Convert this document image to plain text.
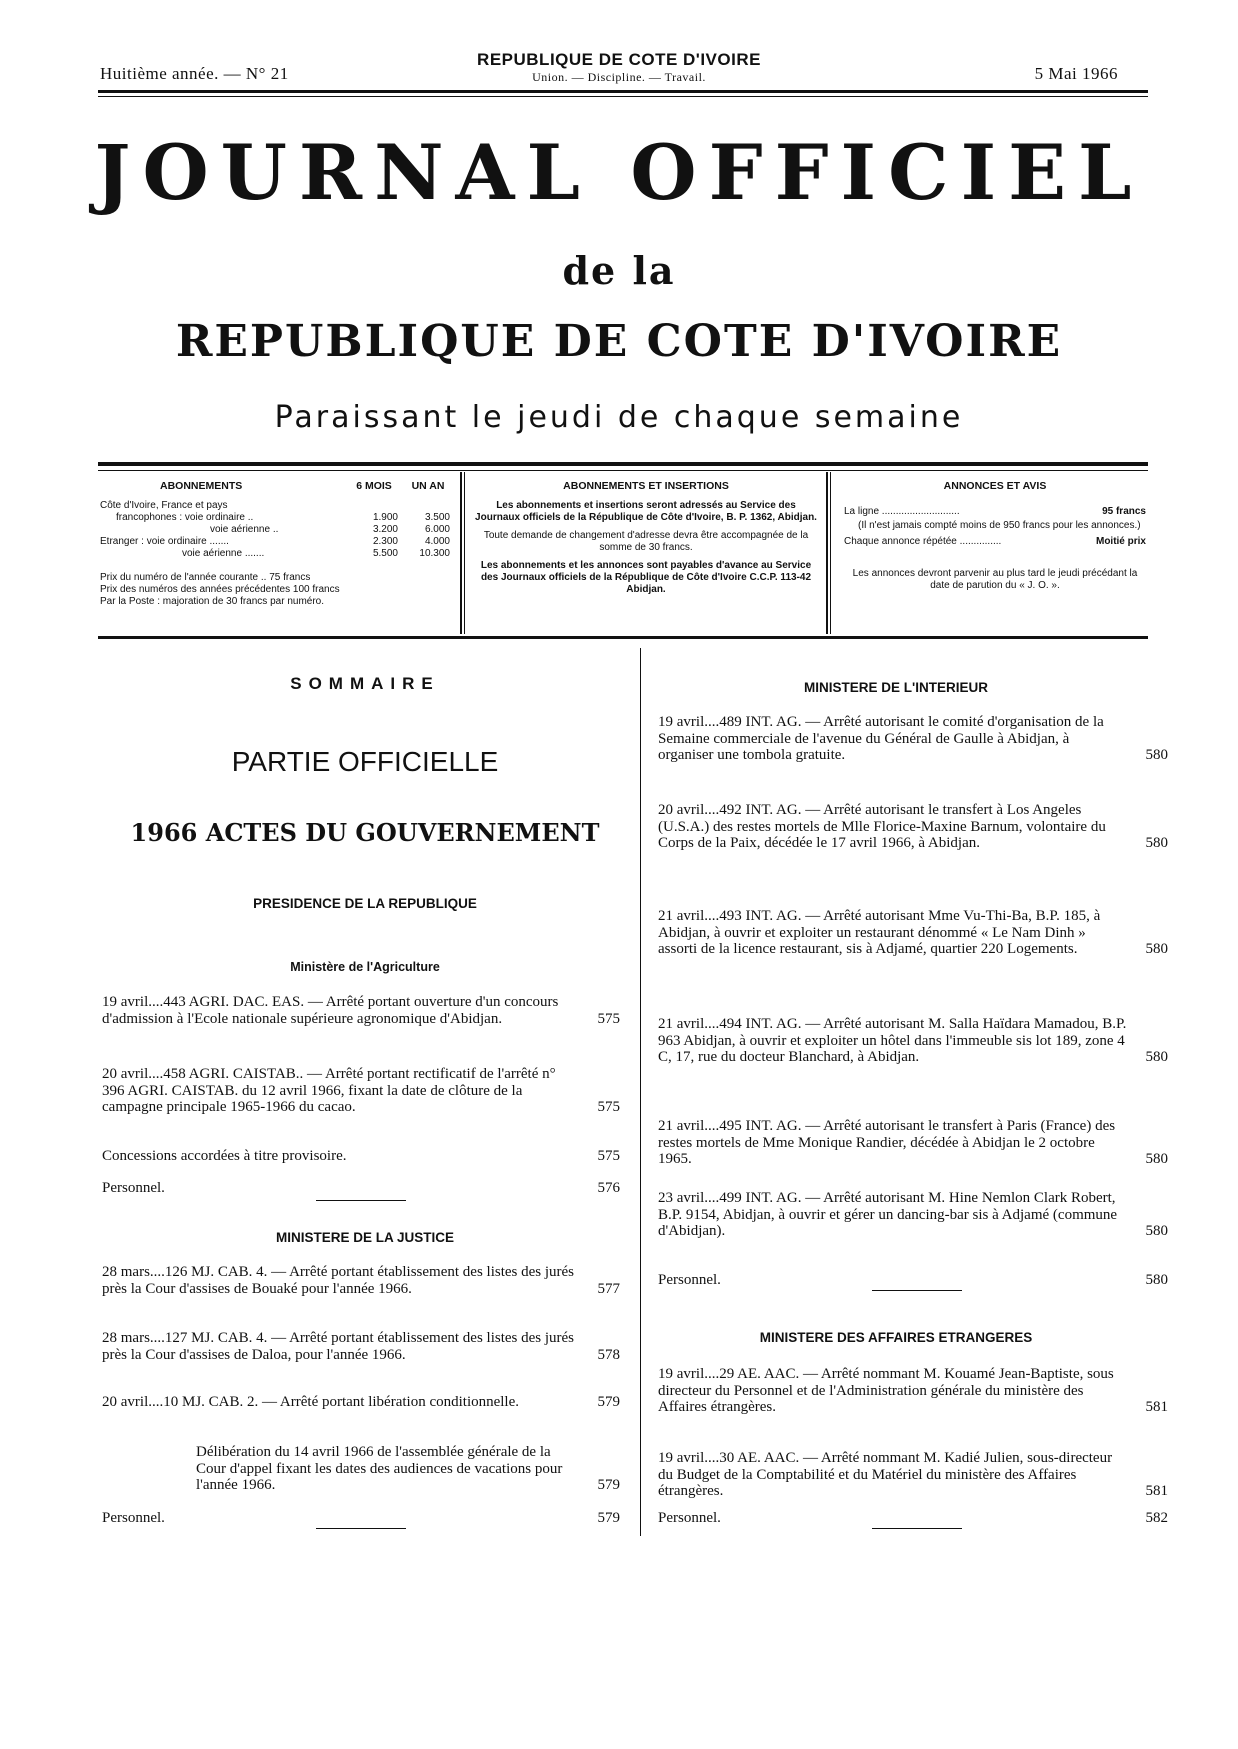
Huitième année. — N° 21
REPUBLIQUE DE COTE D'IVOIRE
Union. — Discipline. — Travail.	5 Mai 1966
JOURNAL OFFICIEL
de la
REPUBLIQUE DE COTE D'IVOIRE
Paraissant le jeudi de chaque semaine
ABONNEMENTS	6 MOIS	UN AN
Côte d'Ivoire, France et pays
francophones : voie ordinaire ..	1.900	3.500
voie aérienne ..	3.200	6.000
Etranger : voie ordinaire .......	2.300	4.000
voie aérienne .......	5.500	10.300
Prix du numéro de l'année courante .. 75 francs
Prix des numéros des années précédentes 100 francs
Par la Poste : majoration de 30 francs par numéro.
ABONNEMENTS ET INSERTIONS
Les abonnements et insertions seront adressés au Service des Journaux officiels de la République de Côte d'Ivoire, B. P. 1362, Abidjan.
Toute demande de changement d'adresse devra être accompagnée de la somme de 30 francs.
Les abonnements et les annonces sont payables d'avance au Service des Journaux officiels de la République de Côte d'Ivoire C.C.P. 113-42 Abidjan.
ANNONCES ET AVIS
La ligne ............................	95 francs
(Il n'est jamais compté moins de 950 francs pour les annonces.)
Chaque annonce répétée ...............	Moitié prix
Les annonces devront parvenir au plus tard le jeudi précédant la date de parution du « J. O. ».
SOMMAIRE
PARTIE OFFICIELLE
1966 ACTES DU GOUVERNEMENT
PRESIDENCE DE LA REPUBLIQUE
Ministère de l'Agriculture
19 avril....443 AGRI. DAC. EAS. — Arrêté portant ouverture d'un concours d'admission à l'Ecole nationale supérieure agronomique d'Abidjan.	575
20 avril....458 AGRI. CAISTAB.. — Arrêté portant rectificatif de l'arrêté n° 396 AGRI. CAISTAB. du 12 avril 1966, fixant la date de clôture de la campagne principale 1965-1966 du cacao.	575
Concessions accordées à titre provisoire.	575
Personnel.	576
MINISTERE DE LA JUSTICE
28 mars....126 MJ. CAB. 4. — Arrêté portant établissement des listes des jurés près la Cour d'assises de Bouaké pour l'année 1966.	577
28 mars....127 MJ. CAB. 4. — Arrêté portant établissement des listes des jurés près la Cour d'assises de Daloa, pour l'année 1966.	578
20 avril....10 MJ. CAB. 2. — Arrêté portant libération conditionnelle.	579
Délibération du 14 avril 1966 de l'assemblée générale de la Cour d'appel fixant les dates des audiences de vacations pour l'année 1966.	579
Personnel.	579
MINISTERE DE L'INTERIEUR
19 avril....489 INT. AG. — Arrêté autorisant le comité d'organisation de la Semaine commerciale de l'avenue du Général de Gaulle à Abidjan, à organiser une tombola gratuite.	580
20 avril....492 INT. AG. — Arrêté autorisant le transfert à Los Angeles (U.S.A.) des restes mortels de Mlle Florice-Maxine Barnum, volontaire du Corps de la Paix, décédée le 17 avril 1966, à Abidjan.	580
21 avril....493 INT. AG. — Arrêté autorisant Mme Vu-Thi-Ba, B.P. 185, à Abidjan, à ouvrir et exploiter un restaurant dénommé « Le Nam Dinh » assorti de la licence restaurant, sis à Adjamé, quartier 220 Logements.	580
21 avril....494 INT. AG. — Arrêté autorisant M. Salla Haïdara Mamadou, B.P. 963 Abidjan, à ouvrir et exploiter un hôtel dans l'immeuble sis lot 189, zone 4 C, 17, rue du docteur Blanchard, à Abidjan.	580
21 avril....495 INT. AG. — Arrêté autorisant le transfert à Paris (France) des restes mortels de Mme Monique Randier, décédée à Abidjan le 2 octobre 1965.	580
23 avril....499 INT. AG. — Arrêté autorisant M. Hine Nemlon Clark Robert, B.P. 9154, Abidjan, à ouvrir et gérer un dancing-bar sis à Adjamé (commune d'Abidjan).	580
Personnel.	580
MINISTERE DES AFFAIRES ETRANGERES
19 avril....29 AE. AAC. — Arrêté nommant M. Kouamé Jean-Baptiste, sous directeur du Personnel et de l'Administration générale du ministère des Affaires étrangères.	581
19 avril....30 AE. AAC. — Arrêté nommant M. Kadié Julien, sous-directeur du Budget de la Comptabilité et du Matériel du ministère des Affaires étrangères.	581
Personnel.	582
